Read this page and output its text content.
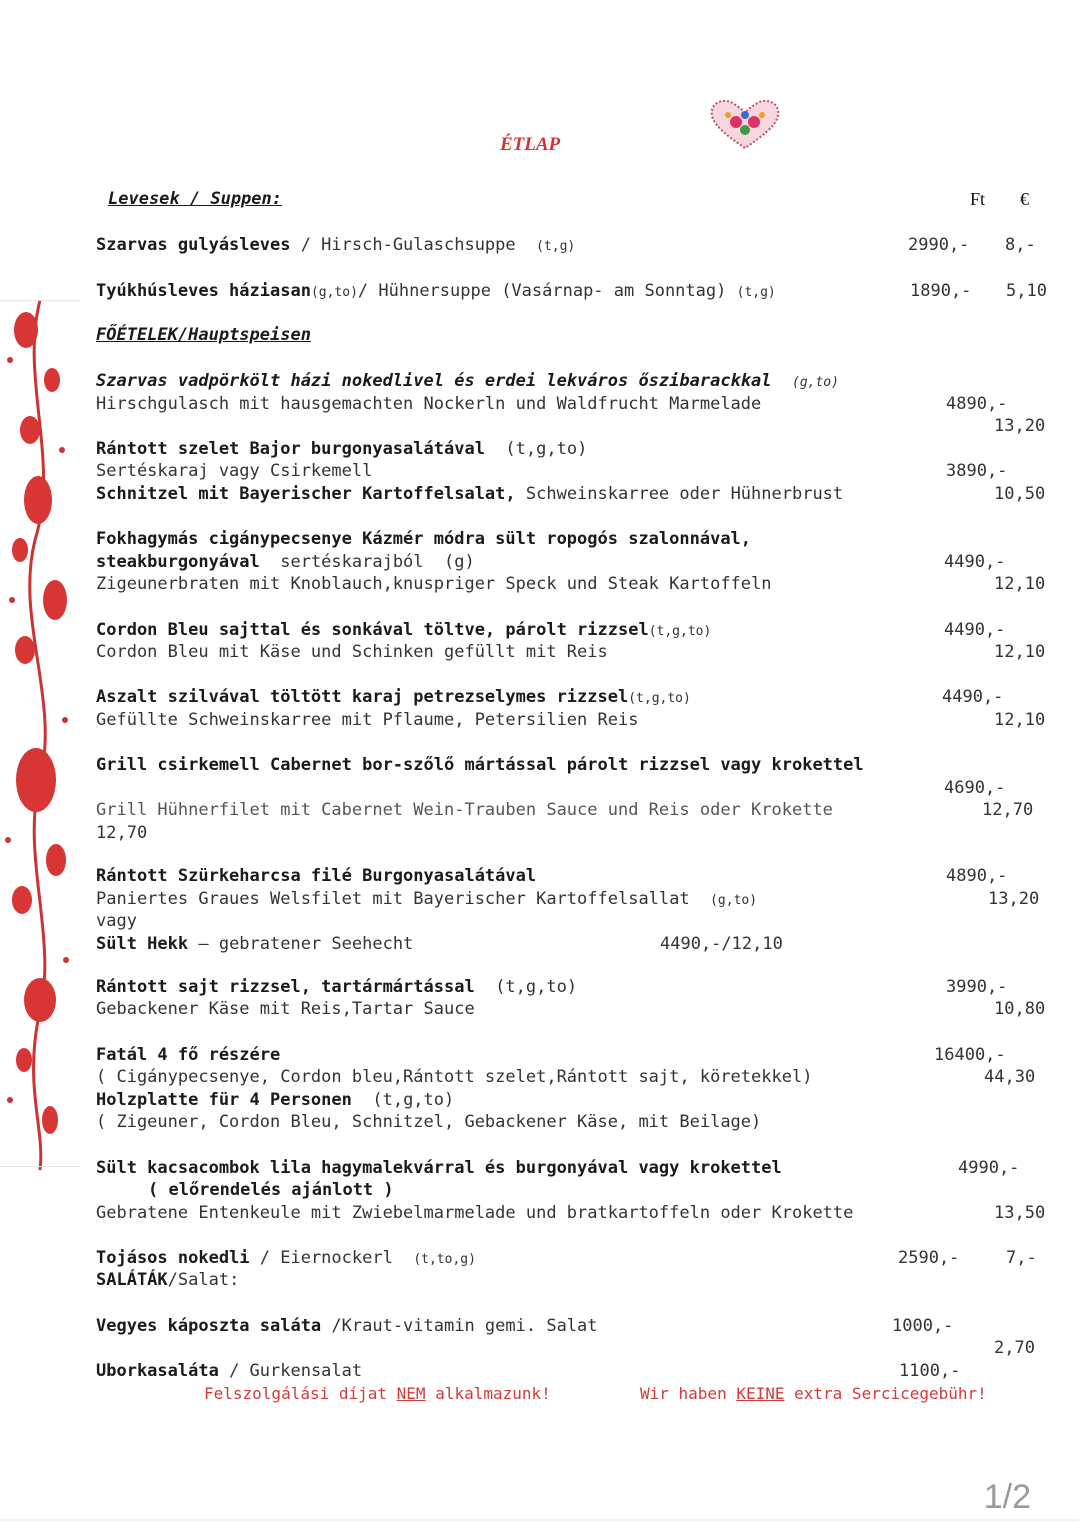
ÉTLAP
Levesek / Suppen:	Ft €
Szarvas gulyásleves / Hirsch-Gulaschsuppe (t,g)	2990,- 8,-
Tyúkhúsleves háziasan(g,to)/ Hühnersuppe (Vasárnap- am Sonntag) (t,g)	1890,- 5,10
FŐÉTELEK/Hauptspeisen
Szarvas vadpörkölt házi nokedlivel és erdei lekváros őszibarackkal (g,to)
Hirschgulasch mit hausgemachten Nockerln und Waldfrucht Marmelade	4890,-
13,20
Rántott szelet Bajor burgonyasalátával (t,g,to)
Sertéskaraj vagy Csirkemell	3890,-
Schnitzel mit Bayerischer Kartoffelsalat, Schweinskarree oder Hühnerbrust	10,50
Fokhagymás cigánypecsenye Kázmér módra sült ropogós szalonnával,
steakburgonyával  sertéskarajból  (g)	4490,-
Zigeunerbraten mit Knoblauch,knuspriger Speck und Steak Kartoffeln	12,10
Cordon Bleu sajttal és sonkával töltve, párolt rizzsel(t,g,to)	4490,-
Cordon Bleu mit Käse und Schinken gefüllt mit Reis	12,10
Aszalt szilvával töltött karaj petrezselymes rizzsel(t,g,to)	4490,-
Gefüllte Schweinskarree mit Pflaume, Petersilien Reis	12,10
Grill csirkemell Cabernet bor-szőlő mártással párolt rizzsel vagy krokettel
4690,-
Grill Hühnerfilet mit Cabernet Wein-Trauben Sauce und Reis oder Krokette	12,70
12,70
Rántott Szürkeharcsa filé Burgonyasalátával	4890,-
Paniertes Graues Welsfilet mit Bayerischer Kartoffelsallat (g,to)	13,20
vagy
Sült Hekk – gebratener Seehecht	4490,-/12,10
Rántott sajt rizzsel, tartármártással (t,g,to)	3990,-
Gebackener Käse mit Reis,Tartar Sauce	10,80
Fatál 4 fő részére	16400,-
( Cigánypecsenye, Cordon bleu,Rántott szelet,Rántott sajt, köretekkel)	44,30
Holzplatte für 4 Personen (t,g,to)
( Zigeuner, Cordon Bleu, Schnitzel, Gebackener Käse, mit Beilage)
Sült kacsacombok lila hagymalekvárral és burgonyával vagy krokettel	4990,-
( előrendelés ajánlott )
Gebratene Entenkeule mit Zwiebelmarmelade und bratkartoffeln oder Krokette	13,50
Tojásos nokedli / Eiernockerl (t,to,g)	2590,-	7,-
SALÁTÁK/Salat:
Vegyes káposzta saláta /Kraut-vitamin gemi. Salat	1000,-
2,70
Uborkasaláta / Gurkensalat	1100,-
Felszolgálási díjat NEM alkalmazunk!	Wir haben KEINE extra Sercicegebühr!
1/2
